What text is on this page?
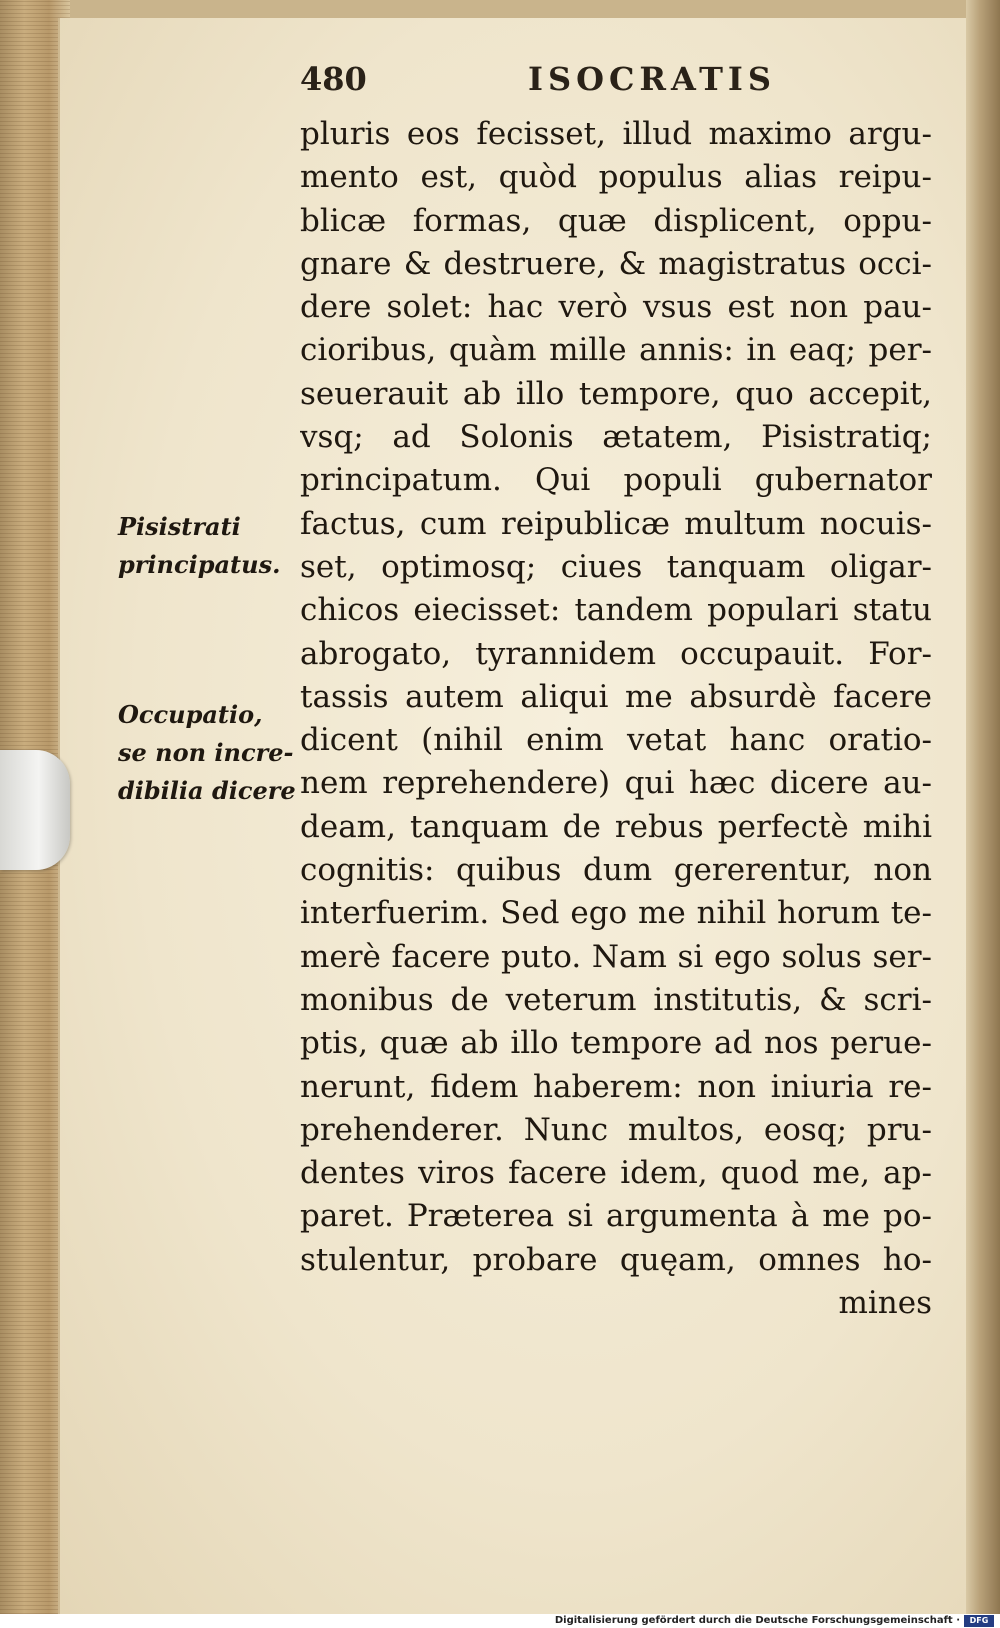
480	ISOCRATIS
pluris eos fecisset, illud maximo argu-
mento est, quòd populus alias reipu-
blicæ formas, quæ displicent, oppu-
gnare & destruere, & magistratus occi-
dere solet: hac verò vsus est non pau-
cioribus, quàm mille annis: in eaq; per-
seuerauit ab illo tempore, quo accepit,
vsq; ad Solonis ætatem, Pisistratiq;
principatum. Qui populi gubernator
factus, cum reipublicæ multum nocuis-
set, optimosq; ciues tanquam oligar-
chicos eiecisset: tandem populari statu
abrogato, tyrannidem occupauit. For-
tassis autem aliqui me absurdè facere
dicent (nihil enim vetat hanc oratio-
nem reprehendere) qui hæc dicere au-
deam, tanquam de rebus perfectè mihi
cognitis: quibus dum gererentur, non
interfuerim. Sed ego me nihil horum te-
merè facere puto. Nam si ego solus ser-
monibus de veterum institutis, & scri-
ptis, quæ ab illo tempore ad nos perue-
nerunt, fidem haberem: non iniuria re-
prehenderer. Nunc multos, eosq; pru-
dentes viros facere idem, quod me, ap-
paret. Præterea si argumenta à me po-
stulentur, probare quęam, omnes ho-
mines
Pisistrati
principatus.
Occupatio,
se non incre-
dibilia dicere
Digitalisierung gefördert durch die Deutsche Forschungsgemeinschaft ·	DFG
